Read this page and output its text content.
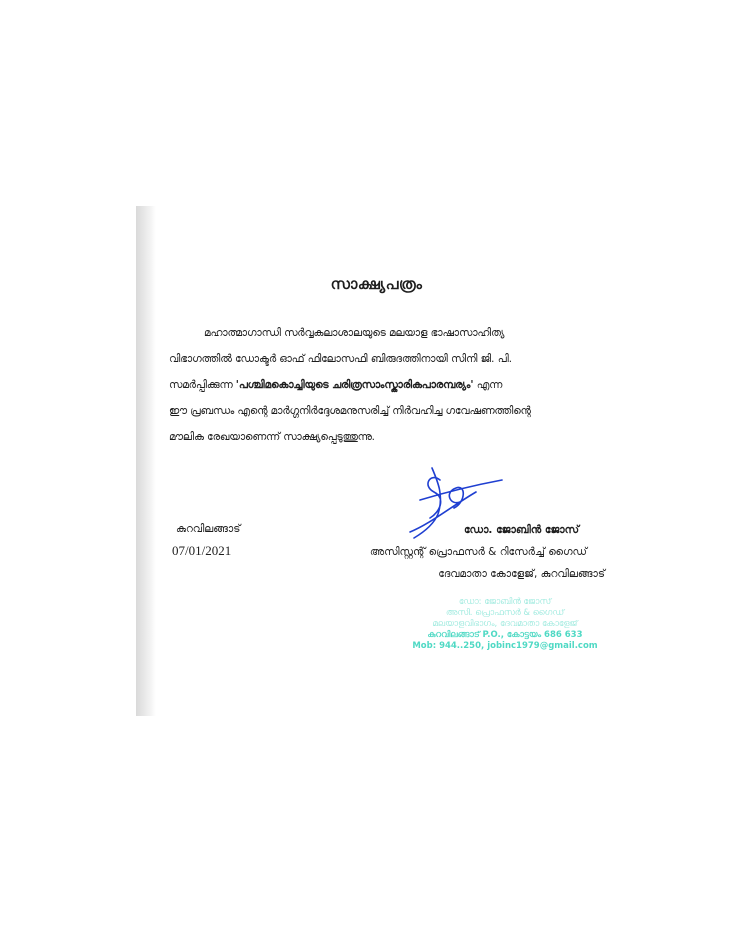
സാക്ഷ്യപത്രം
മഹാത്മാഗാന്ധി സർവ്വകലാശാലയുടെ മലയാള ഭാഷാസാഹിത്യ
വിഭാഗത്തിൽ ഡോക്ടർ ഓഫ് ഫിലോസഫി ബിരുദത്തിനായി സിനി ജി. പി.
സമർപ്പിക്കുന്ന 'പശ്ചിമകൊച്ചിയുടെ ചരിത്രസാംസ്കാരികപാരമ്പര്യം' എന്ന
ഈ പ്രബന്ധം എന്റെ മാർഗ്ഗനിർദ്ദേശമനുസരിച്ച് നിർവഹിച്ച ഗവേഷണത്തിന്റെ
മൗലിക രേഖയാണെന്ന് സാക്ഷ്യപ്പെടുത്തുന്നു.
കുറവിലങ്ങാട്
07/01/2021
ഡോ. ജോബിൻ ജോസ്
അസിസ്റ്റന്റ് പ്രൊഫസർ & റിസേർച്ച് ഗൈഡ്
ദേവമാതാ കോളേജ്, കുറവിലങ്ങാട്
ഡോ: ജോബിൻ ജോസ്
അസി. പ്രൊഫസർ & ഗൈഡ്
മലയാളവിഭാഗം, ദേവമാതാ കോളേജ്
കുറവിലങ്ങാട് P.O., കോട്ടയം 686 633
Mob: 944..250, jobinc1979@gmail.com
